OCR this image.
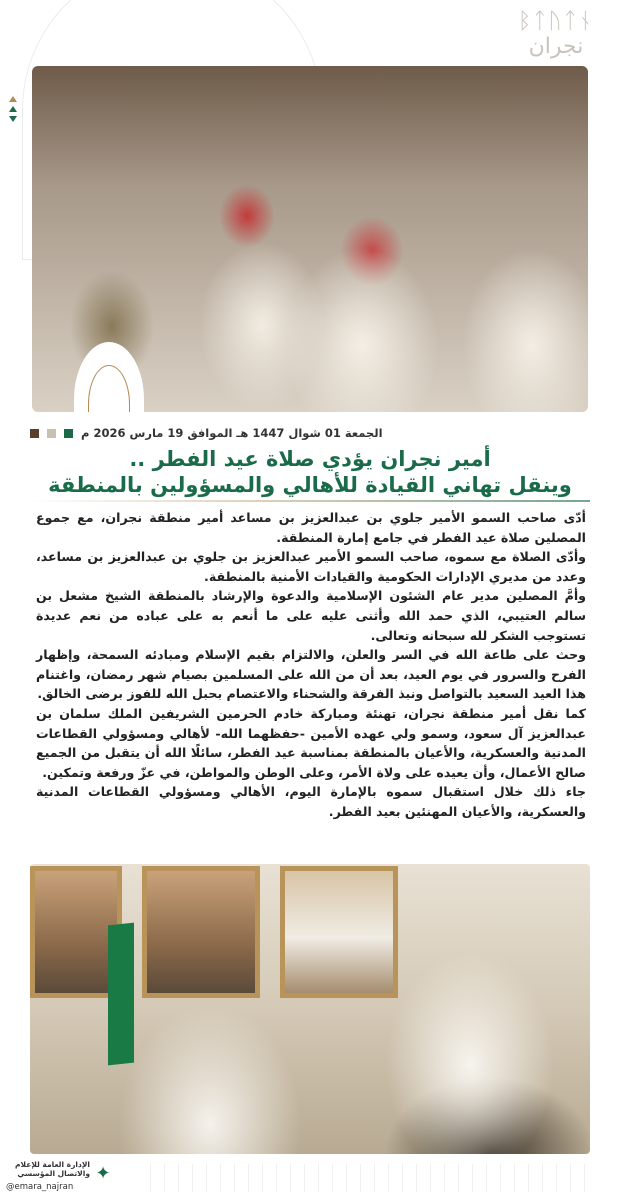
ᛒᛏᚢᛏᚾ
نجران
الجمعة 01 شوال 1447 هـ الموافق 19 مارس 2026 م
أمير نجران يؤدي صلاة عيد الفطر ..
وينقل تهاني القيادة للأهالي والمسؤولين بالمنطقة

أدّى صاحب السمو الأمير جلوي بن عبدالعزيز بن مساعد أمير منطقة نجران، مع جموع المصلين صلاة عيد الفطر في جامع إمارة المنطقة.

وأدّى الصلاة مع سموه، صاحب السمو الأمير عبدالعزيز بن جلوي بن عبدالعزيز بن مساعد، وعدد من مديري الإدارات الحكومية والقيادات الأمنية بالمنطقة.

وأمَّ المصلين مدير عام الشئون الإسلامية والدعوة والإرشاد بالمنطقة الشيخ مشعل بن سالم العتيبي، الذي حمد الله وأثنى عليه على ما أنعم به على عباده من نعم عديدة تستوجب الشكر لله سبحانه وتعالى.

وحث على طاعة الله في السر والعلن، والالتزام بقيم الإسلام ومبادئه السمحة، وإظهار الفرح والسرور في يوم العيد، بعد أن من الله على المسلمين بصيام شهر رمضان، واغتنام هذا العيد السعيد بالتواصل ونبذ الفرقة والشحناء والاعتصام بحبل الله للفوز برضى الخالق.

كما نقل أمير منطقة نجران، تهنئة ومباركة خادم الحرمين الشريفين الملك سلمان بن عبدالعزيز آل سعود، وسمو ولي عهده الأمين -حفظهما الله- لأهالي ومسؤولي القطاعات المدنية والعسكرية، والأعيان بالمنطقة بمناسبة عيد الفطر، سائلًا الله أن يتقبل من الجميع صالح الأعمال، وأن يعيده على ولاة الأمر، وعلى الوطن والمواطن، في عزّ ورفعة وتمكين.

جاء ذلك خلال استقبال سموه بالإمارة اليوم، الأهالي ومسؤولي القطاعات المدنية والعسكرية، والأعيان المهنئين بعيد الفطر.

الإدارة العامة للإعلام
والاتصال المؤسسي ✦
@emara_najran
